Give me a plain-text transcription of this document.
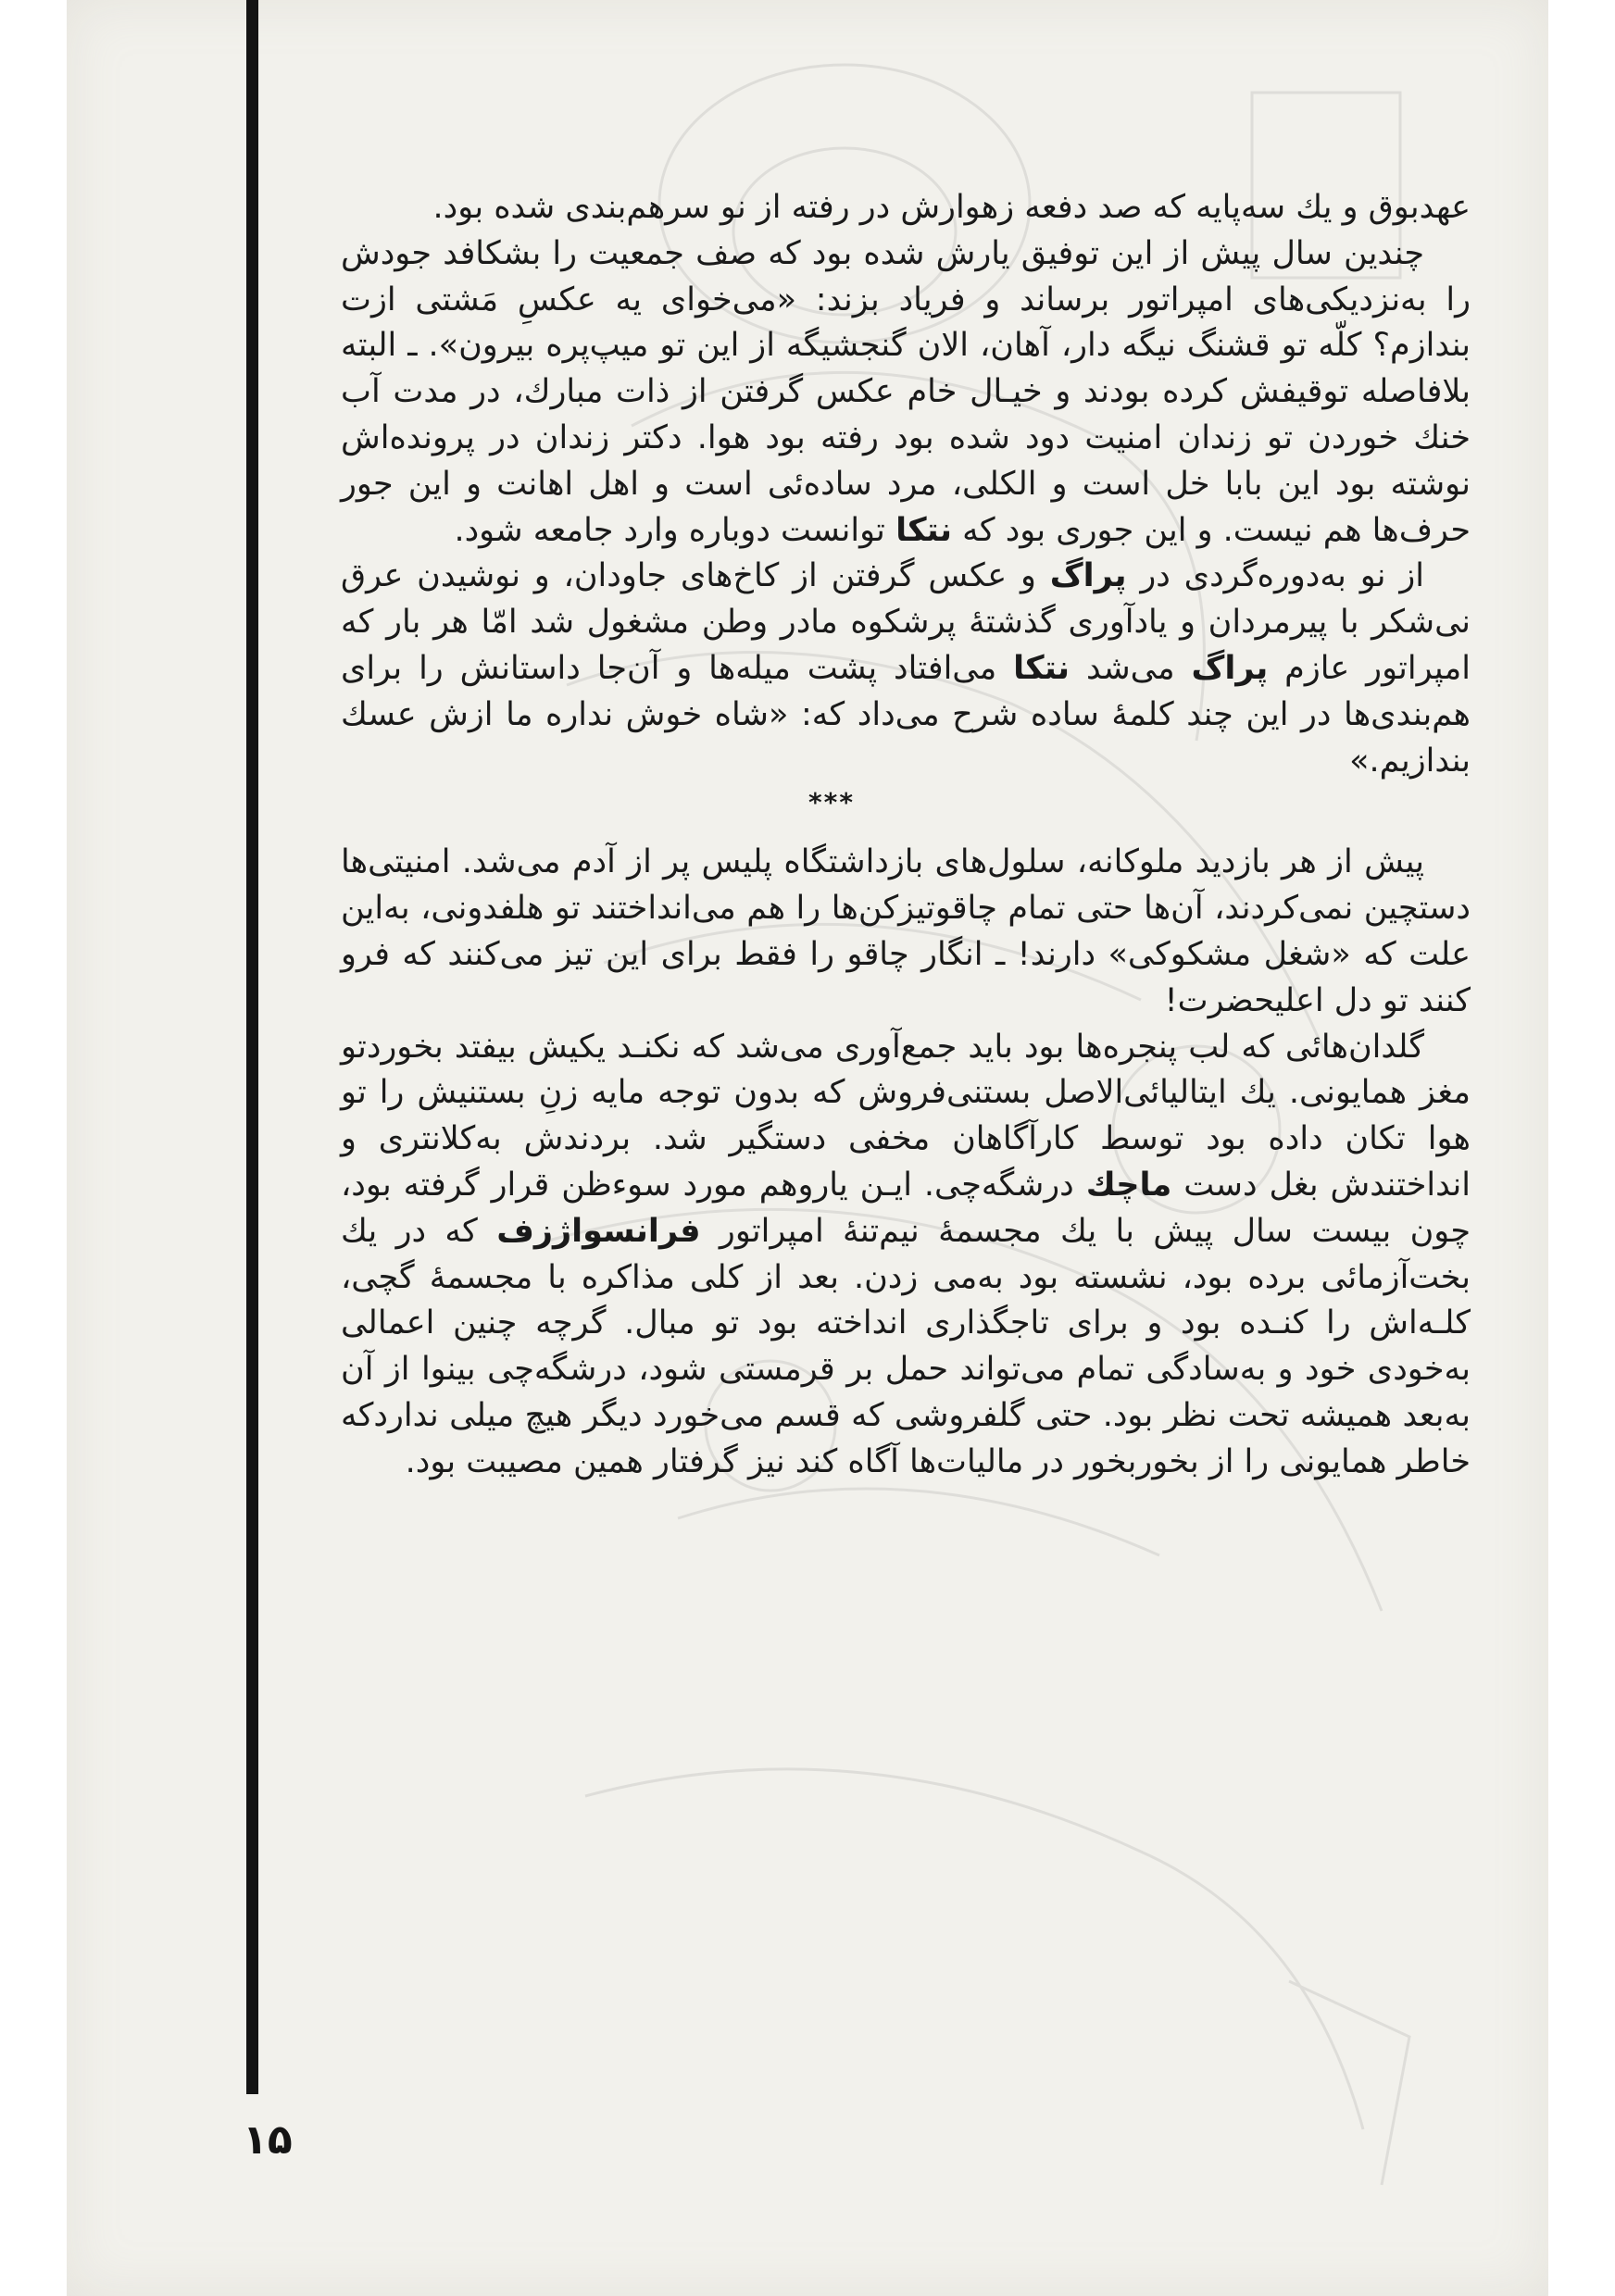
عهدبوق و یك سه‌پایه که صد دفعه زهوارش در رفته از نو سرهم‌بندی شده بود.

چندین سال پیش از این توفیق یارش شده بود که صف جمعیت را بشکافد جودش را به‌نزدیکی‌های امپراتور برساند و فریاد بزند: «می‌خوای یه عکسِ مَشتی ازت بندازم؟ کلّه تو قشنگ نیگه دار، آهان، الان گنجشیگه از این تو میپ‌پره بیرون». ـ البته بلافاصله توقیفش کرده بودند و خیـال خام عکس گرفتن از ذات مبارك، در مدت آب خنك خوردن تو زندان امنیت دود شده بود رفته بود هوا. دکتر زندان در پرونده‌اش نوشته بود این بابا خل است و الکلی، مرد ساده‌ئی است و اهل اهانت و این جور حرف‌ها هم نیست. و این جوری بود که نتکا توانست دوباره وارد جامعه شود.

از نو به‌دوره‌گردی در پراگ و عکس گرفتن از کاخ‌های جاودان، و نوشیدن عرق نی‌شکر با پیرمردان و یادآوری گذشتهٔ پرشکوه مادر وطن مشغول شد امّا هر بار که امپراتور عازم پراگ می‌شد نتکا می‌افتاد پشت میله‌ها و آن‌جا داستانش را برای هم‌بندی‌ها در این چند کلمهٔ ساده شرح می‌داد که: «شاه خوش نداره ما ازش عسك بندازیم.»

***

پیش از هر بازدید ملوکانه، سلول‌های بازداشتگاه پلیس پر از آدم می‌شد. امنیتی‌ها دستچین نمی‌کردند، آن‌ها حتی تمام چاقوتیزکن‌ها را هم می‌انداختند تو هلفدونی، به‌این علت که «شغل مشکوکی» دارند! ـ انگار چاقو را فقط برای این تیز می‌کنند که فرو کنند تو دل اعلیحضرت!

گلدان‌هائی که لب پنجره‌ها بود باید جمع‌آوری می‌شد که نکنـد یکیش بیفتد بخوردتو مغز همایونی. یك ایتالیائی‌الاصل بستنی‌فروش که بدون توجه مایه زنِ بستنیش را تو هوا تکان داده بود توسط کارآگاهان مخفی دستگیر شد. بردندش به‌کلانتری و انداختندش بغل دست ماچك درشگه‌چی. ایـن یاروهم مورد سوءظن قرار گرفته بود، چون بیست سال پیش با یك مجسمهٔ نیم‌تنهٔ امپراتور فرانسواژزف که در یك بخت‌آزمائی برده بود، نشسته بود به‌می زدن. بعد از کلی مذاکره با مجسمهٔ گچی، کلـه‌اش را کنـده بود و برای تاجگذاری انداخته بود تو مبال. گرچه چنین اعمالی به‌خودی خود و به‌سادگی تمام می‌تواند حمل بر قرمستی شود، درشگه‌چی بینوا از آن به‌بعد همیشه تحت نظر بود. حتی گلفروشی که قسم می‌خورد دیگر هیچ میلی ندارد‌که خاطر همایونی را از بخوربخور در مالیات‌ها آگاه کند نیز گرفتار همین مصیبت بود.

۱۵
